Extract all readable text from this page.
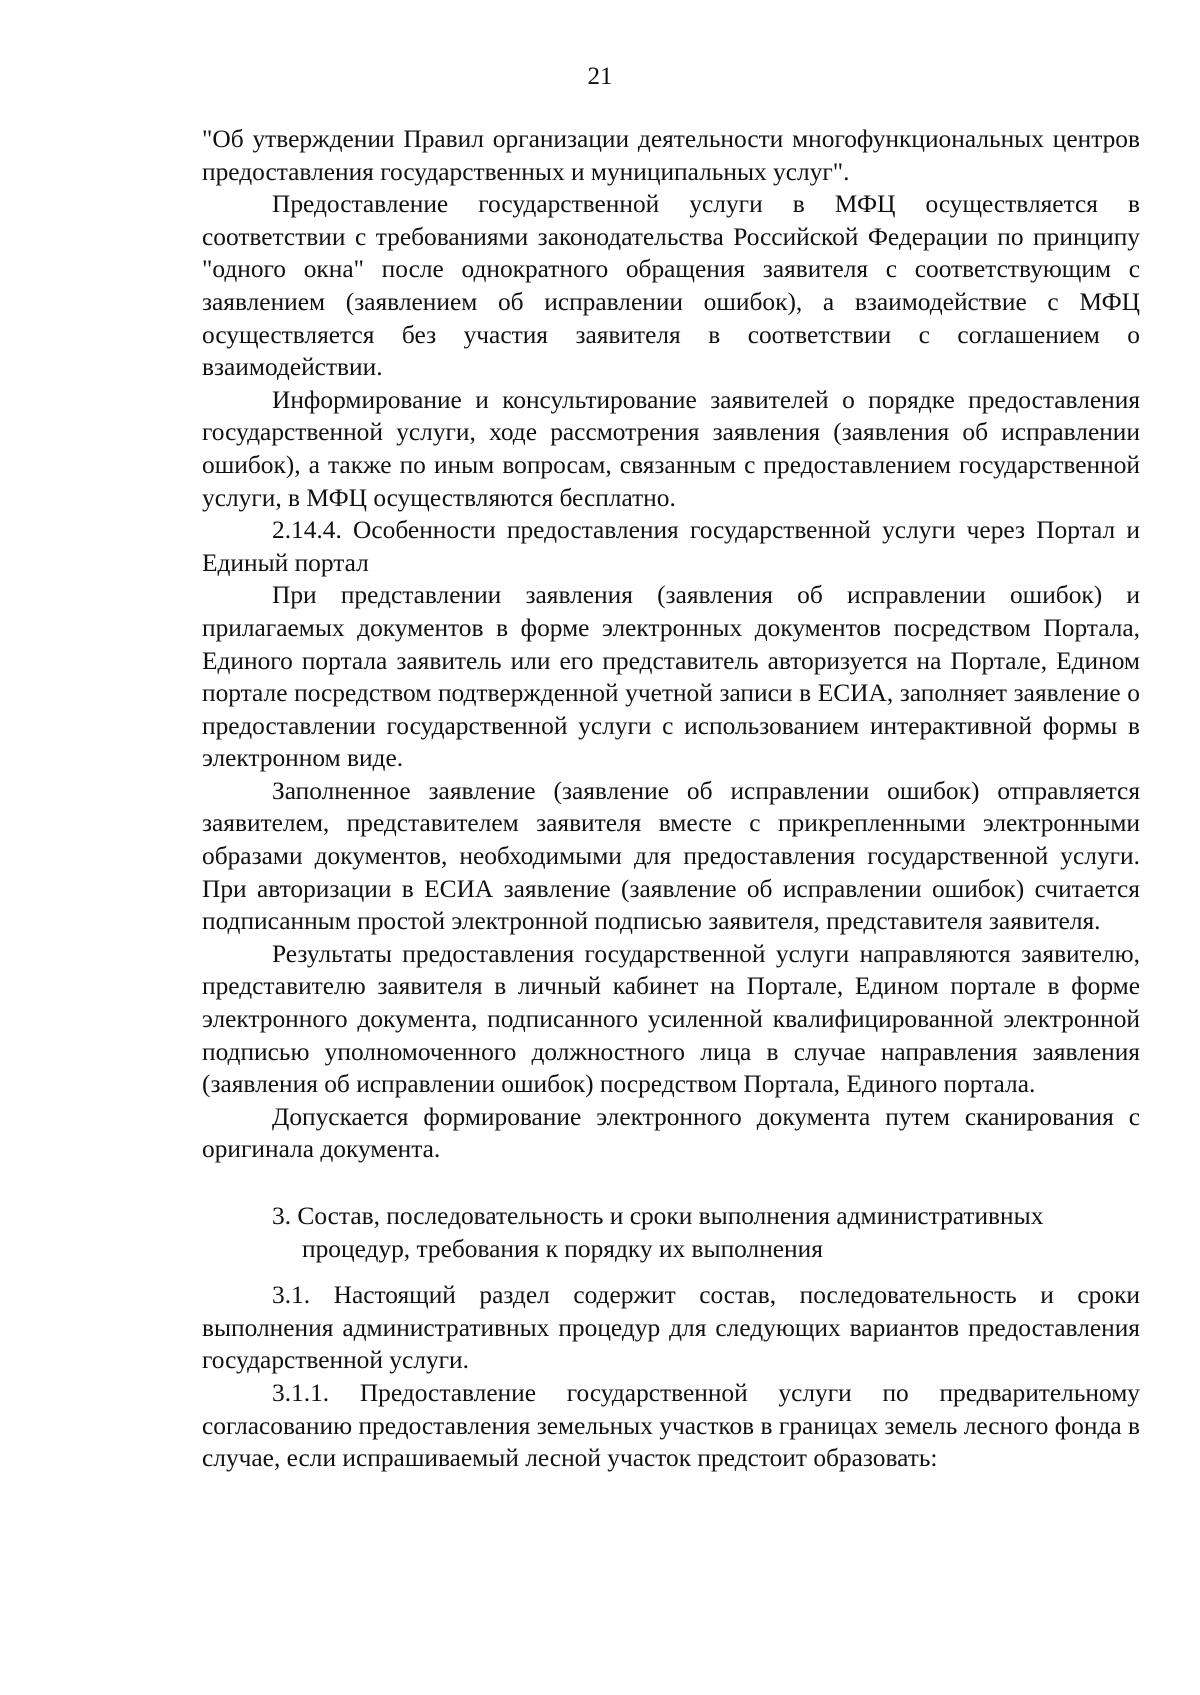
21

"Об утверждении Правил организации деятельности многофункциональных центров предоставления государственных и муниципальных услуг".

Предоставление государственной услуги в МФЦ осуществляется в соответствии с требованиями законодательства Российской Федерации по принципу "одного окна" после однократного обращения заявителя с соответствующим с заявлением (заявлением об исправлении ошибок), а взаимодействие с МФЦ осуществляется без участия заявителя в соответствии с соглашением о взаимодействии.

Информирование и консультирование заявителей о порядке предоставления государственной услуги, ходе рассмотрения заявления (заявления об исправлении ошибок), а также по иным вопросам, связанным с предоставлением государственной услуги, в МФЦ осуществляются бесплатно.

2.14.4. Особенности предоставления государственной услуги через Портал и Единый портал

При представлении заявления (заявления об исправлении ошибок) и прилагаемых документов в форме электронных документов посредством Портала, Единого портала заявитель или его представитель авторизуется на Портале, Едином портале посредством подтвержденной учетной записи в ЕСИА, заполняет заявление о предоставлении государственной услуги с использованием интерактивной формы в электронном виде.

Заполненное заявление (заявление об исправлении ошибок) отправляется заявителем, представителем заявителя вместе с прикрепленными электронными образами документов, необходимыми для предоставления государственной услуги. При авторизации в ЕСИА заявление (заявление об исправлении ошибок) считается подписанным простой электронной подписью заявителя, представителя заявителя.

Результаты предоставления государственной услуги направляются заявителю, представителю заявителя в личный кабинет на Портале, Едином портале в форме электронного документа, подписанного усиленной квалифицированной электронной подписью уполномоченного должностного лица в случае направления заявления (заявления об исправлении ошибок) посредством Портала, Единого портала.

Допускается формирование электронного документа путем сканирования с оригинала документа.

3. Состав, последовательность и сроки выполнения административных
процедур, требования к порядку их выполнения

3.1. Настоящий раздел содержит состав, последовательность и сроки выполнения административных процедур для следующих вариантов предоставления государственной услуги.

3.1.1. Предоставление государственной услуги по предварительному согласованию предоставления земельных участков в границах земель лесного фонда в случае, если испрашиваемый лесной участок предстоит образовать:
